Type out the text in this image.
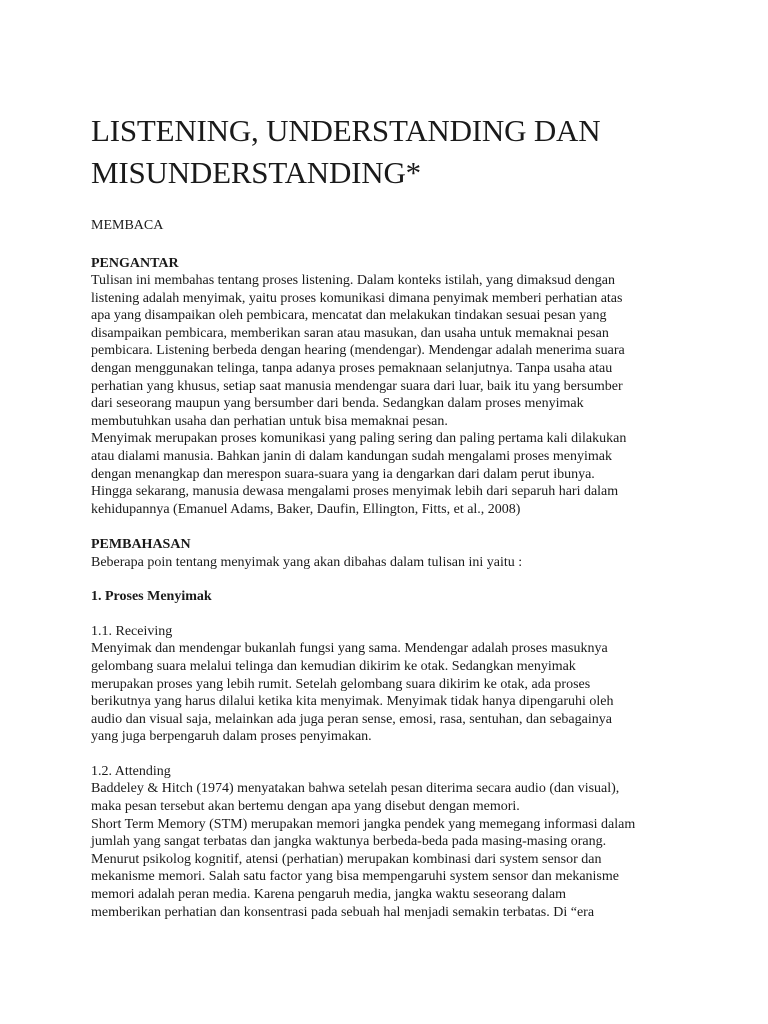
LISTENING, UNDERSTANDING DAN
MISUNDERSTANDING*

MEMBACA

PENGANTAR
Tulisan ini membahas tentang proses listening. Dalam konteks istilah, yang dimaksud dengan
listening adalah menyimak, yaitu proses komunikasi dimana penyimak memberi perhatian atas
apa yang disampaikan oleh pembicara, mencatat dan melakukan tindakan sesuai pesan yang
disampaikan pembicara, memberikan saran atau masukan, dan usaha untuk memaknai pesan
pembicara. Listening berbeda dengan hearing (mendengar). Mendengar adalah menerima suara
dengan menggunakan telinga, tanpa adanya proses pemaknaan selanjutnya. Tanpa usaha atau
perhatian yang khusus, setiap saat manusia mendengar suara dari luar, baik itu yang bersumber
dari seseorang maupun yang bersumber dari benda. Sedangkan dalam proses menyimak
membutuhkan usaha dan perhatian untuk bisa memaknai pesan.
Menyimak merupakan proses komunikasi yang paling sering dan paling pertama kali dilakukan
atau dialami manusia. Bahkan janin di dalam kandungan sudah mengalami proses menyimak
dengan menangkap dan merespon suara-suara yang ia dengarkan dari dalam perut ibunya.
Hingga sekarang, manusia dewasa mengalami proses menyimak lebih dari separuh hari dalam
kehidupannya (Emanuel Adams, Baker, Daufin, Ellington, Fitts, et al., 2008)
PEMBAHASAN
Beberapa poin tentang menyimak yang akan dibahas dalam tulisan ini yaitu :
1. Proses Menyimak

1.1. Receiving

Menyimak dan mendengar bukanlah fungsi yang sama. Mendengar adalah proses masuknya
gelombang suara melalui telinga dan kemudian dikirim ke otak. Sedangkan menyimak
merupakan proses yang lebih rumit. Setelah gelombang suara dikirim ke otak, ada proses
berikutnya yang harus dilalui ketika kita menyimak. Menyimak tidak hanya dipengaruhi oleh
audio dan visual saja, melainkan ada juga peran sense, emosi, rasa, sentuhan, dan sebagainya
yang juga berpengaruh dalam proses penyimakan.

1.2. Attending

Baddeley & Hitch (1974) menyatakan bahwa setelah pesan diterima secara audio (dan visual),
maka pesan tersebut akan bertemu dengan apa yang disebut dengan memori.
Short Term Memory (STM) merupakan memori jangka pendek yang memegang informasi dalam
jumlah yang sangat terbatas dan jangka waktunya berbeda-beda pada masing-masing orang.
Menurut psikolog kognitif, atensi (perhatian) merupakan kombinasi dari system sensor dan
mekanisme memori. Salah satu factor yang bisa mempengaruhi system sensor dan mekanisme
memori adalah peran media. Karena pengaruh media, jangka waktu seseorang dalam
memberikan perhatian dan konsentrasi pada sebuah hal menjadi semakin terbatas. Di “era
